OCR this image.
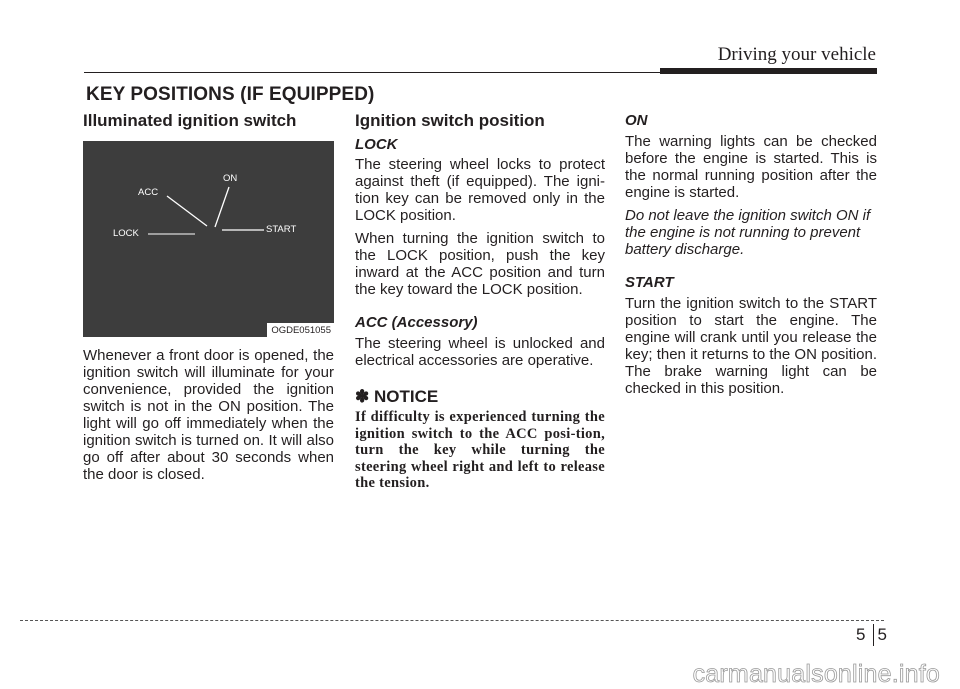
Driving your vehicle
KEY POSITIONS (IF EQUIPPED)
Illuminated ignition switch
ACC
ON
LOCK	START
OGDE051055

Whenever a front door is opened, the ignition switch will illuminate for your convenience, provided the ignition switch is not in the ON position. The light will go off immediately when the ignition switch is turned on. It will also go off after about 30 seconds when the door is closed.

Ignition switch position
LOCK

The steering wheel locks to protect against theft (if equipped). The igni-tion key can be removed only in the LOCK position.

When turning the ignition switch to the LOCK position, push the key inward at the ACC position and turn the key toward the LOCK position.

ACC (Accessory)

The steering wheel is unlocked and electrical accessories are operative.

✽ NOTICE
If difficulty is experienced turning the ignition switch to the ACC posi-tion, turn the key while turning the steering wheel right and left to release the tension.
ON

The warning lights can be checked before the engine is started. This is the normal running position after the engine is started.

Do not leave the ignition switch ON if the engine is not running to prevent battery discharge.

START

Turn the ignition switch to the START position to start the engine. The engine will crank until you release the key; then it returns to the ON position. The brake warning light can be checked in this position.

5 5
carmanualsonline.info
